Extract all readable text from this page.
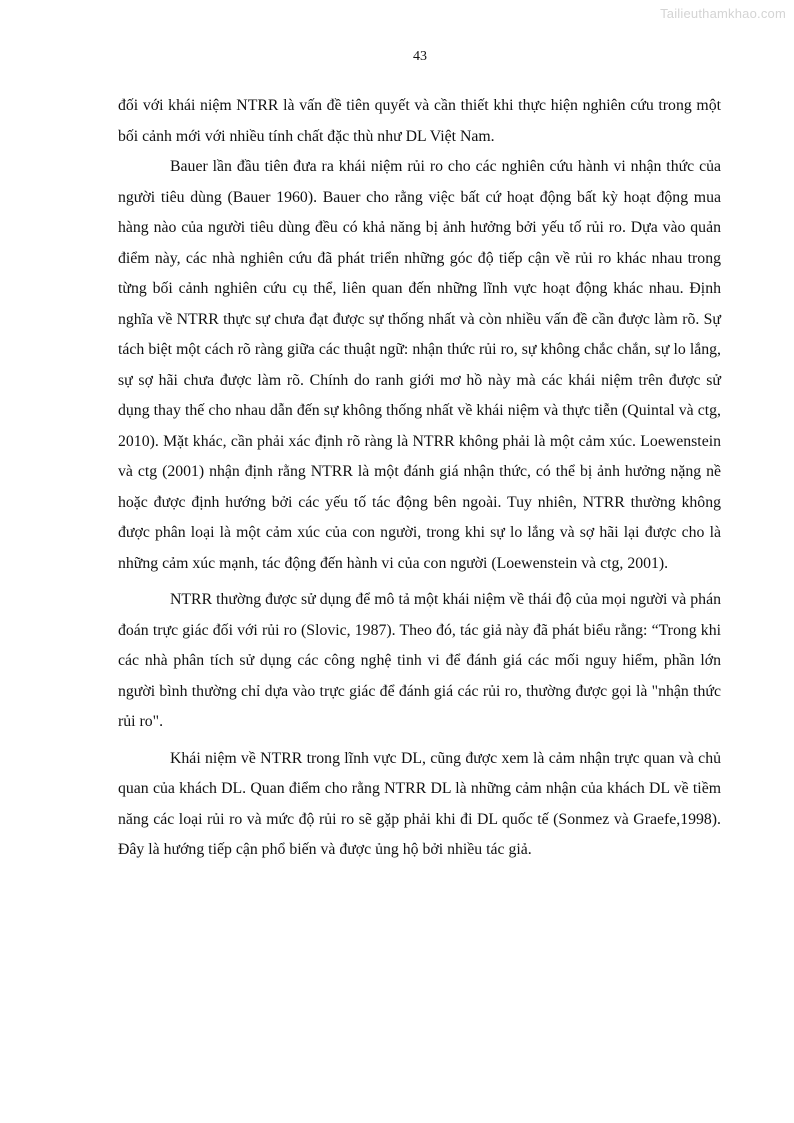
Tailieuthamkhao.com
43

đối với khái niệm NTRR là vấn đề tiên quyết và cần thiết khi thực hiện nghiên cứu trong một bối cảnh mới với nhiều tính chất đặc thù như DL Việt Nam.

Bauer lần đầu tiên đưa ra khái niệm rủi ro cho các nghiên cứu hành vi nhận thức của người tiêu dùng (Bauer 1960). Bauer cho rằng việc bất cứ hoạt động bất kỳ hoạt động mua hàng nào của người tiêu dùng đều có khả năng bị ảnh hưởng bởi yếu tố rủi ro. Dựa vào quản điểm này, các nhà nghiên cứu đã phát triển những góc độ tiếp cận về rủi ro khác nhau trong từng bối cảnh nghiên cứu cụ thể, liên quan đến những lĩnh vực hoạt động khác nhau. Định nghĩa về NTRR thực sự chưa đạt được sự thống nhất và còn nhiều vấn đề cần được làm rõ. Sự tách biệt một cách rõ ràng giữa các thuật ngữ: nhận thức rủi ro, sự không chắc chắn, sự lo lắng, sự sợ hãi chưa được làm rõ. Chính do ranh giới mơ hồ này mà các khái niệm trên được sử dụng thay thế cho nhau dẫn đến sự không thống nhất về khái niệm và thực tiễn (Quintal và ctg, 2010). Mặt khác, cần phải xác định rõ ràng là NTRR không phải là một cảm xúc. Loewenstein và ctg (2001) nhận định rằng NTRR là một đánh giá nhận thức, có thể bị ảnh hưởng nặng nề hoặc được định hướng bởi các yếu tố tác động bên ngoài. Tuy nhiên, NTRR thường không được phân loại là một cảm xúc của con người, trong khi sự lo lắng và sợ hãi lại được cho là những cảm xúc mạnh, tác động đến hành vi của con người (Loewenstein và ctg, 2001).

NTRR thường được sử dụng để mô tả một khái niệm về thái độ của mọi người và phán đoán trực giác đối với rủi ro (Slovic, 1987). Theo đó, tác giả này đã phát biểu rằng: “Trong khi các nhà phân tích sử dụng các công nghệ tinh vi để đánh giá các mối nguy hiểm, phần lớn người bình thường chỉ dựa vào trực giác để đánh giá các rủi ro, thường được gọi là "nhận thức rủi ro".

Khái niệm về NTRR trong lĩnh vực DL, cũng được xem là cảm nhận trực quan và chủ quan của khách DL. Quan điểm cho rằng NTRR DL là những cảm nhận của khách DL về tiềm năng các loại rủi ro và mức độ rủi ro sẽ gặp phải khi đi DL quốc tế (Sonmez và Graefe,1998). Đây là hướng tiếp cận phổ biến và được ủng hộ bởi nhiều tác giả.
